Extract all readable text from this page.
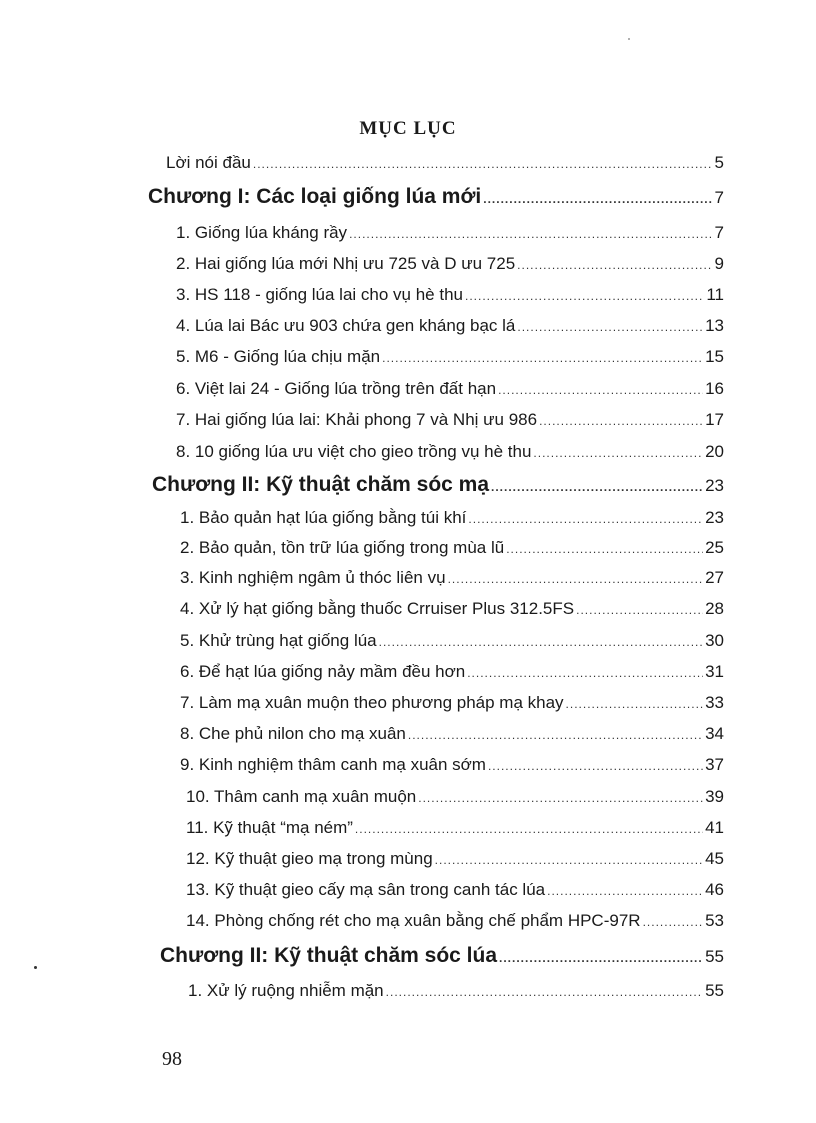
MỤC LỤC
Lời nói đầu .....	5
Chương I: Các loại giống lúa mới .....	7
1. Giống lúa kháng rầy .....	7
2. Hai giống lúa mới Nhị ưu 725 và D ưu 725 .....	9
3. HS 118 - giống lúa lai cho vụ hè thu .....	11
4. Lúa lai Bác ưu 903 chứa gen kháng bạc lá .....	13
5. M6 - Giống lúa chịu mặn .....	15
6. Việt lai 24 - Giống lúa trồng trên đất hạn .....	16
7. Hai giống lúa lai: Khải phong 7 và Nhị ưu 986 .....	17
8. 10 giống lúa ưu việt cho gieo trồng vụ hè thu .....	20
Chương II: Kỹ thuật chăm sóc mạ .....	23
1. Bảo quản hạt lúa giống bằng túi khí .....	23
2. Bảo quản, tồn trữ lúa giống trong mùa lũ .....	25
3. Kinh nghiệm ngâm ủ thóc liên vụ .....	27
4. Xử lý hạt giống bằng thuốc Crruiser Plus 312.5FS .....	28
5. Khử trùng hạt giống lúa .....	30
6. Để hạt lúa giống nảy mầm đều hơn .....	31
7. Làm mạ xuân muộn theo phương pháp mạ khay .....	33
8. Che phủ nilon cho mạ xuân .....	34
9. Kinh nghiệm thâm canh mạ xuân sớm .....	37
10. Thâm canh mạ xuân muộn .....	39
11. Kỹ thuật “mạ ném” .....	41
12. Kỹ thuật gieo mạ trong mùng .....	45
13. Kỹ thuật gieo cấy mạ sân trong canh tác lúa .....	46
14. Phòng chống rét cho mạ xuân bằng chế phẩm HPC-97R .....	53
Chương II: Kỹ thuật chăm sóc lúa .....	55
1. Xử lý ruộng nhiễm mặn .....	55
98
